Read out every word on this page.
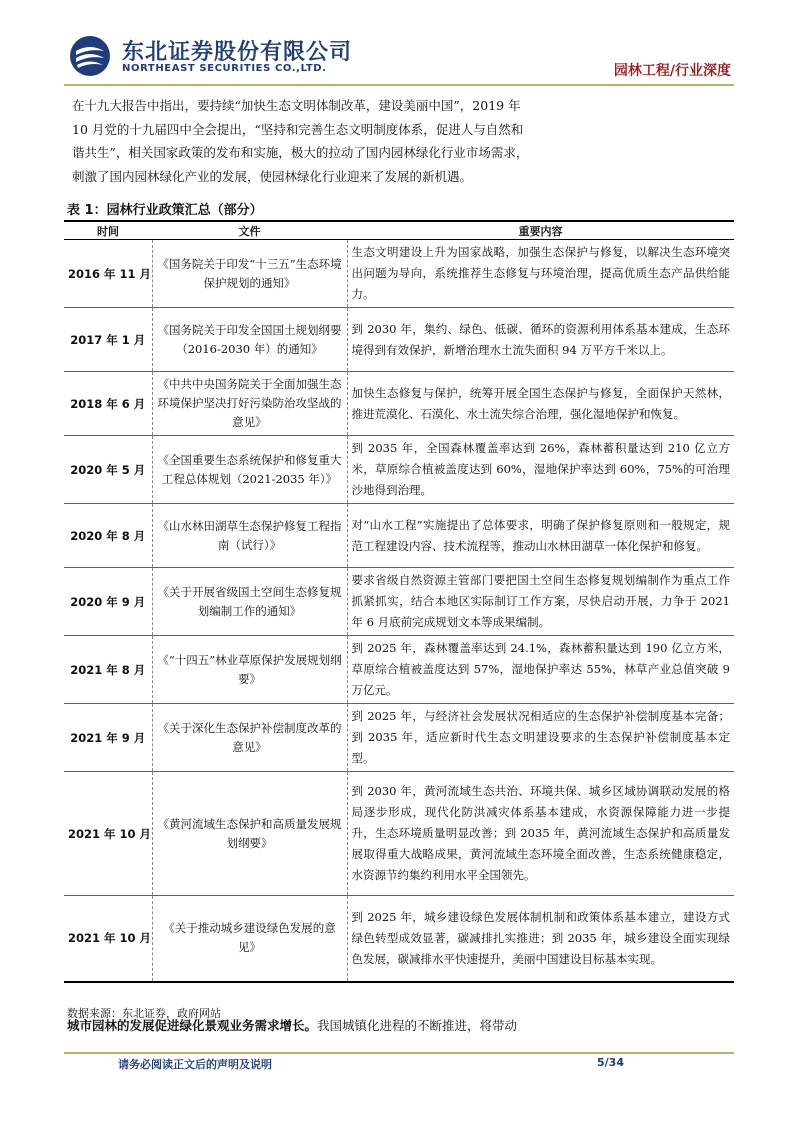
东北证券股份有限公司
NORTHEAST SECURITIES CO.,LTD.	园林工程/行业深度
在十九大报告中指出，要持续“加快生态文明体制改革，建设美丽中国”，2019 年
10 月党的十九届四中全会提出，“坚持和完善生态文明制度体系，促进人与自然和
谐共生”，相关国家政策的发布和实施，极大的拉动了国内园林绿化行业市场需求，
刺激了国内园林绿化产业的发展，使园林绿化行业迎来了发展的新机遇。
表 1：园林行业政策汇总（部分）
时间	文件	重要内容
2016 年 11 月	《国务院关于印发“十三五”生态环境保护规划的通知》	生态文明建设上升为国家战略，加强生态保护与修复，以解决生态环境突出问题为导向，系统推荐生态修复与环境治理，提高优质生态产品供给能力。
2017 年 1 月	《国务院关于印发全国国土规划纲要（2016-2030 年）的通知》	到 2030 年，集约、绿色、低碳、循环的资源利用体系基本建成，生态环境得到有效保护，新增治理水土流失面积 94 万平方千米以上。
2018 年 6 月	《中共中央国务院关于全面加强生态环境保护坚决打好污染防治攻坚战的意见》	加快生态修复与保护，统筹开展全国生态保护与修复，全面保护天然林，推进荒漠化、石漠化、水土流失综合治理，强化湿地保护和恢复。
2020 年 5 月	《全国重要生态系统保护和修复重大工程总体规划（2021-2035 年）》	到 2035 年，全国森林覆盖率达到 26%，森林蓄积量达到 210 亿立方米，草原综合植被盖度达到 60%，湿地保护率达到 60%，75%的可治理沙地得到治理。
2020 年 8 月	《山水林田湖草生态保护修复工程指南（试行）》	对“山水工程”实施提出了总体要求，明确了保护修复原则和一般规定，规范工程建设内容、技术流程等，推动山水林田湖草一体化保护和修复。
2020 年 9 月	《关于开展省级国土空间生态修复规划编制工作的通知》	要求省级自然资源主管部门要把国土空间生态修复规划编制作为重点工作抓紧抓实，结合本地区实际制订工作方案，尽快启动开展，力争于 2021 年 6 月底前完成规划文本等成果编制。
2021 年 8 月	《“十四五”林业草原保护发展规划纲要》	到 2025 年，森林覆盖率达到 24.1%，森林蓄积量达到 190 亿立方米，草原综合植被盖度达到 57%，湿地保护率达 55%，林草产业总值突破 9 万亿元。
2021 年 9 月	《关于深化生态保护补偿制度改革的意见》	到 2025 年，与经济社会发展状况相适应的生态保护补偿制度基本完备；到 2035 年，适应新时代生态文明建设要求的生态保护补偿制度基本定型。
2021 年 10 月	《黄河流域生态保护和高质量发展规划纲要》	到 2030 年，黄河流域生态共治、环境共保、城乡区域协调联动发展的格局逐步形成，现代化防洪减灾体系基本建成，水资源保障能力进一步提升，生态环境质量明显改善；到 2035 年，黄河流域生态保护和高质量发展取得重大战略成果，黄河流域生态环境全面改善，生态系统健康稳定，水资源节约集约利用水平全国领先。
2021 年 10 月	《关于推动城乡建设绿色发展的意见》	到 2025 年，城乡建设绿色发展体制机制和政策体系基本建立，建设方式绿色转型成效显著，碳减排扎实推进；到 2035 年，城乡建设全面实现绿色发展，碳减排水平快速提升，美丽中国建设目标基本实现。
数据来源：东北证券，政府网站
城市园林的发展促进绿化景观业务需求增长。我国城镇化进程的不断推进，将带动
请务必阅读正文后的声明及说明	5/34
